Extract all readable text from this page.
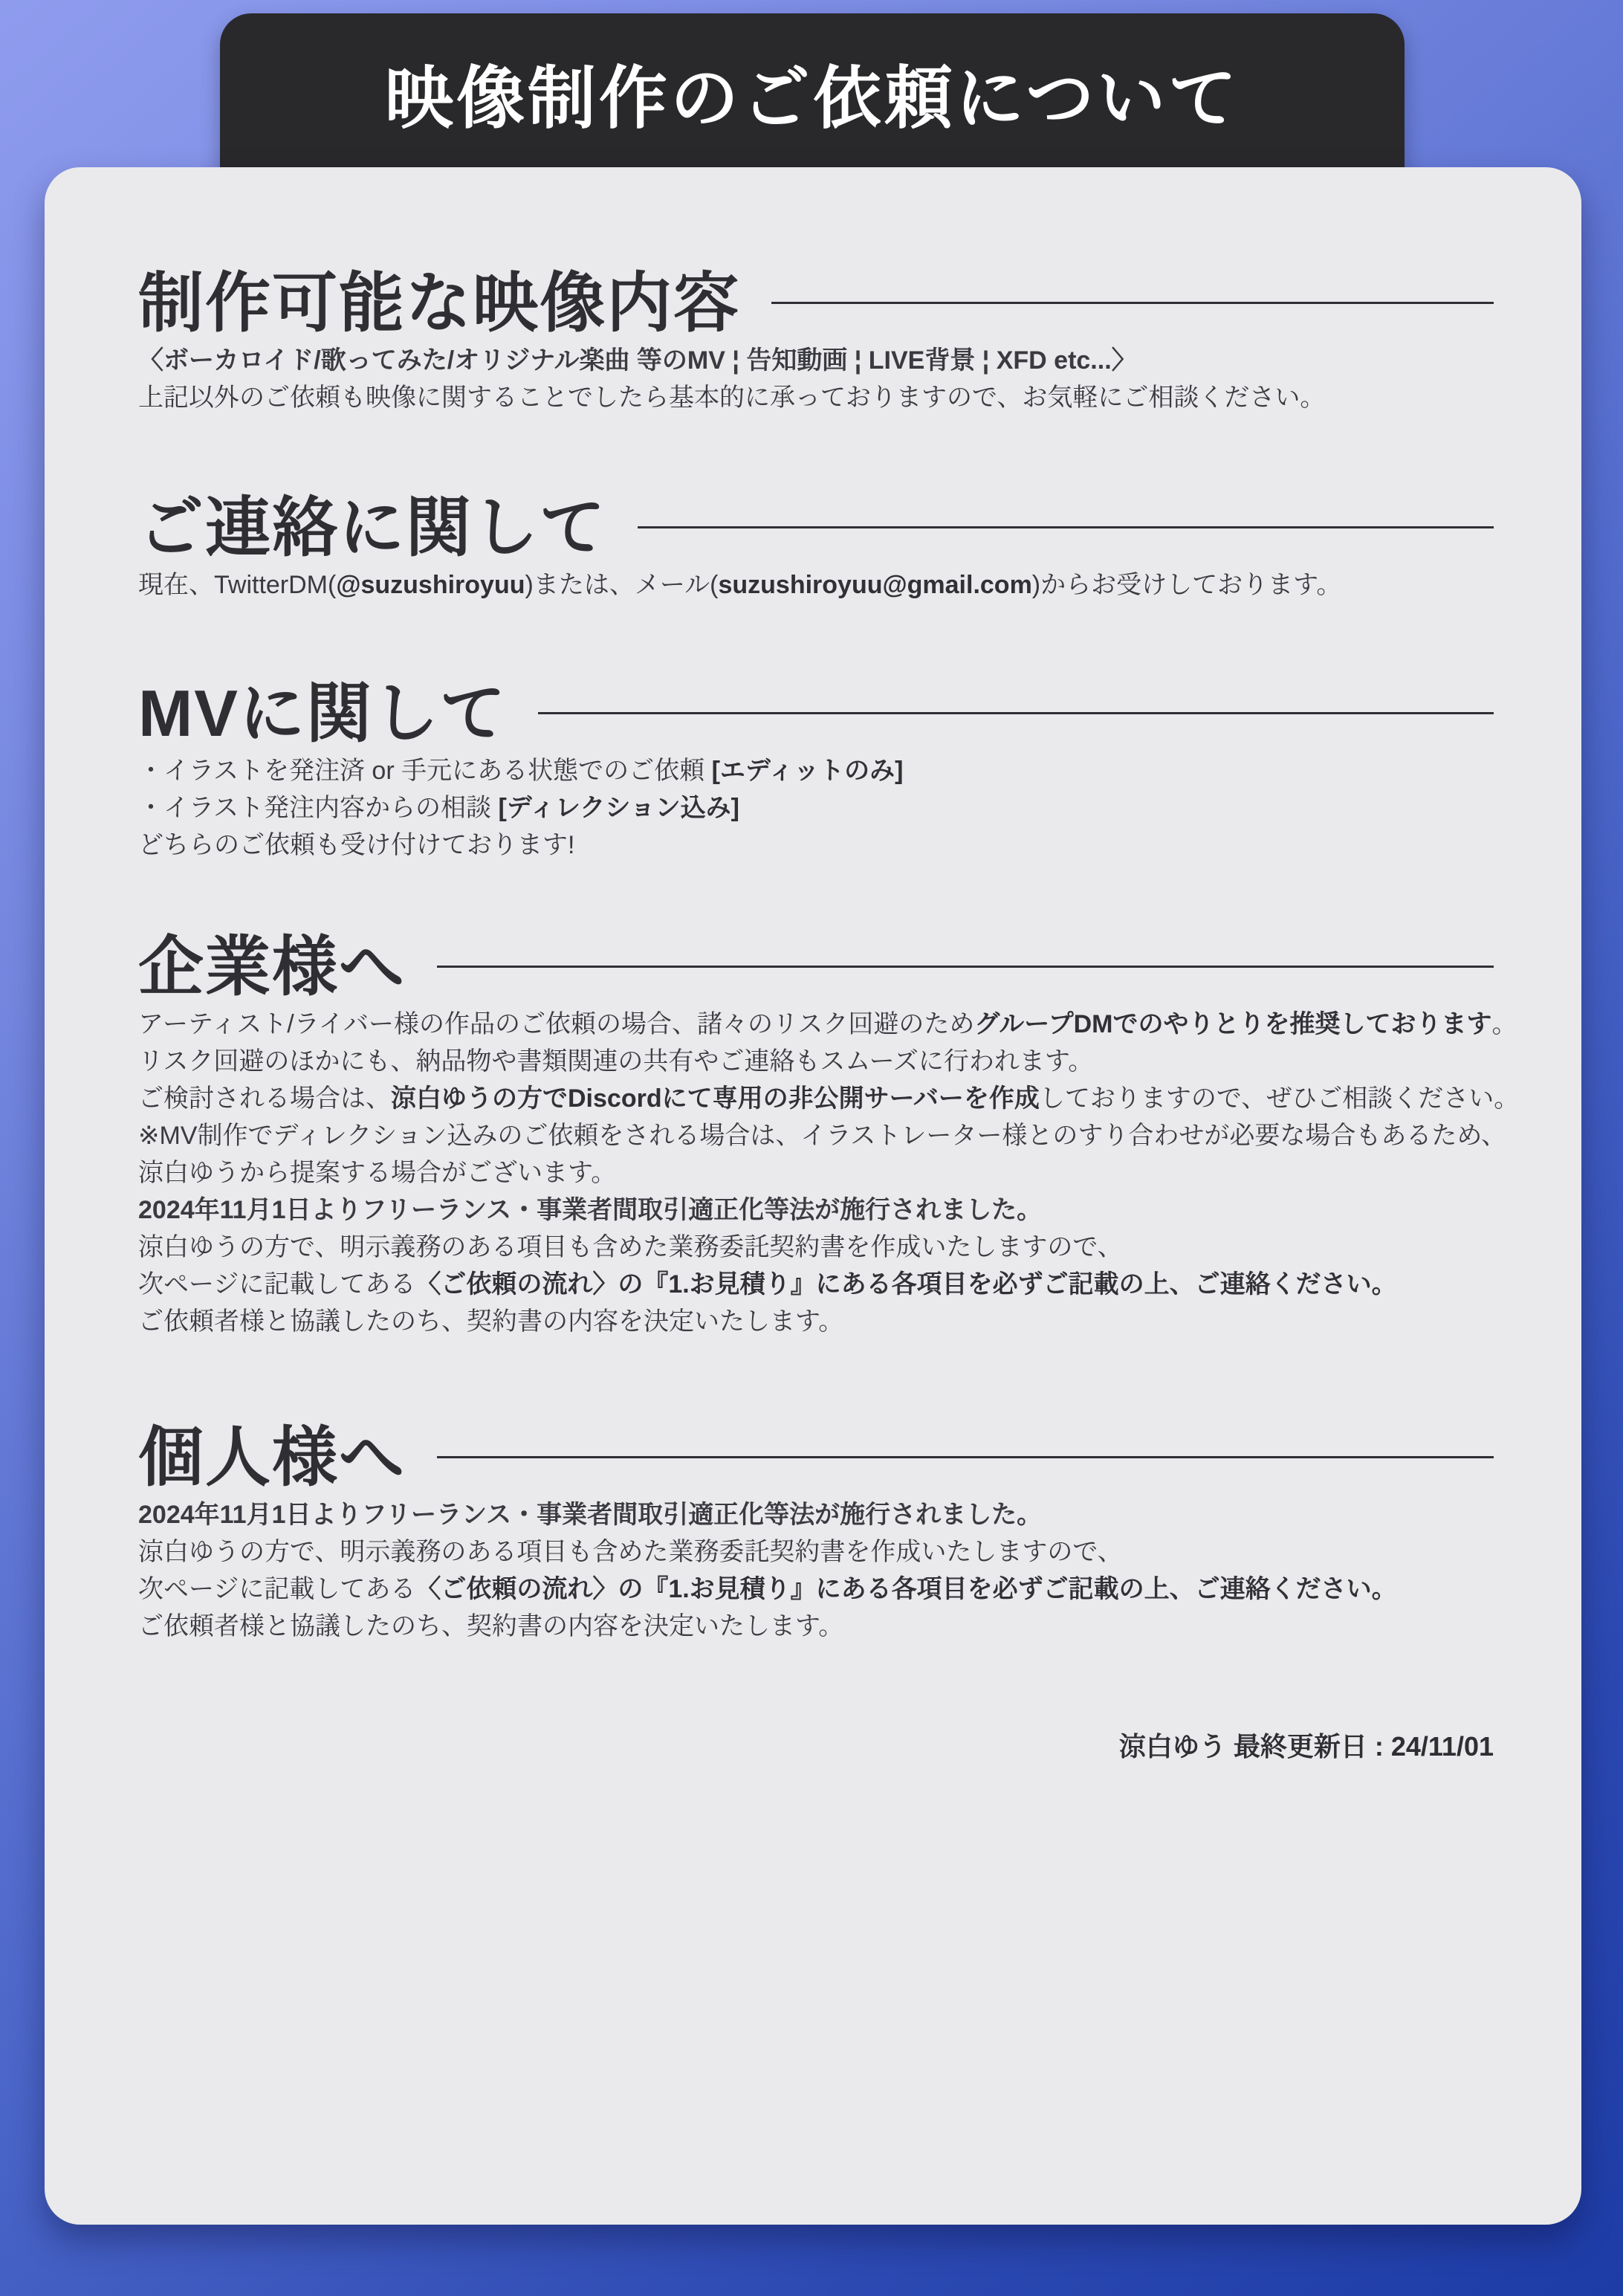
映像制作のご依頼について
制作可能な映像内容

〈ボーカロイド/歌ってみた/オリジナル楽曲 等のMV ¦ 告知動画 ¦ LIVE背景 ¦ XFD etc...〉

上記以外のご依頼も映像に関することでしたら基本的に承っておりますので、お気軽にご相談ください。

ご連絡に関して

現在、TwitterDM(@suzushiroyuu)または、メール(suzushiroyuu@gmail.com)からお受けしております。

MVに関して

・イラストを発注済 or 手元にある状態でのご依頼 [エディットのみ]

・イラスト発注内容からの相談 [ディレクション込み]

どちらのご依頼も受け付けております!

企業様へ

アーティスト/ライバー様の作品のご依頼の場合、諸々のリスク回避のためグループDMでのやりとりを推奨しております。

リスク回避のほかにも、納品物や書類関連の共有やご連絡もスムーズに行われます。

ご検討される場合は、涼白ゆうの方でDiscordにて専用の非公開サーバーを作成しておりますので、ぜひご相談ください。

※MV制作でディレクション込みのご依頼をされる場合は、イラストレーター様とのすり合わせが必要な場合もあるため、

涼白ゆうから提案する場合がございます。

2024年11月1日よりフリーランス・事業者間取引適正化等法が施行されました。

涼白ゆうの方で、明示義務のある項目も含めた業務委託契約書を作成いたしますので、

次ページに記載してある〈ご依頼の流れ〉の『1.お見積り』にある各項目を必ずご記載の上、ご連絡ください。

ご依頼者様と協議したのち、契約書の内容を決定いたします。

個人様へ

2024年11月1日よりフリーランス・事業者間取引適正化等法が施行されました。

涼白ゆうの方で、明示義務のある項目も含めた業務委託契約書を作成いたしますので、

次ページに記載してある〈ご依頼の流れ〉の『1.お見積り』にある各項目を必ずご記載の上、ご連絡ください。

ご依頼者様と協議したのち、契約書の内容を決定いたします。

涼白ゆう 最終更新日 : 24/11/01
